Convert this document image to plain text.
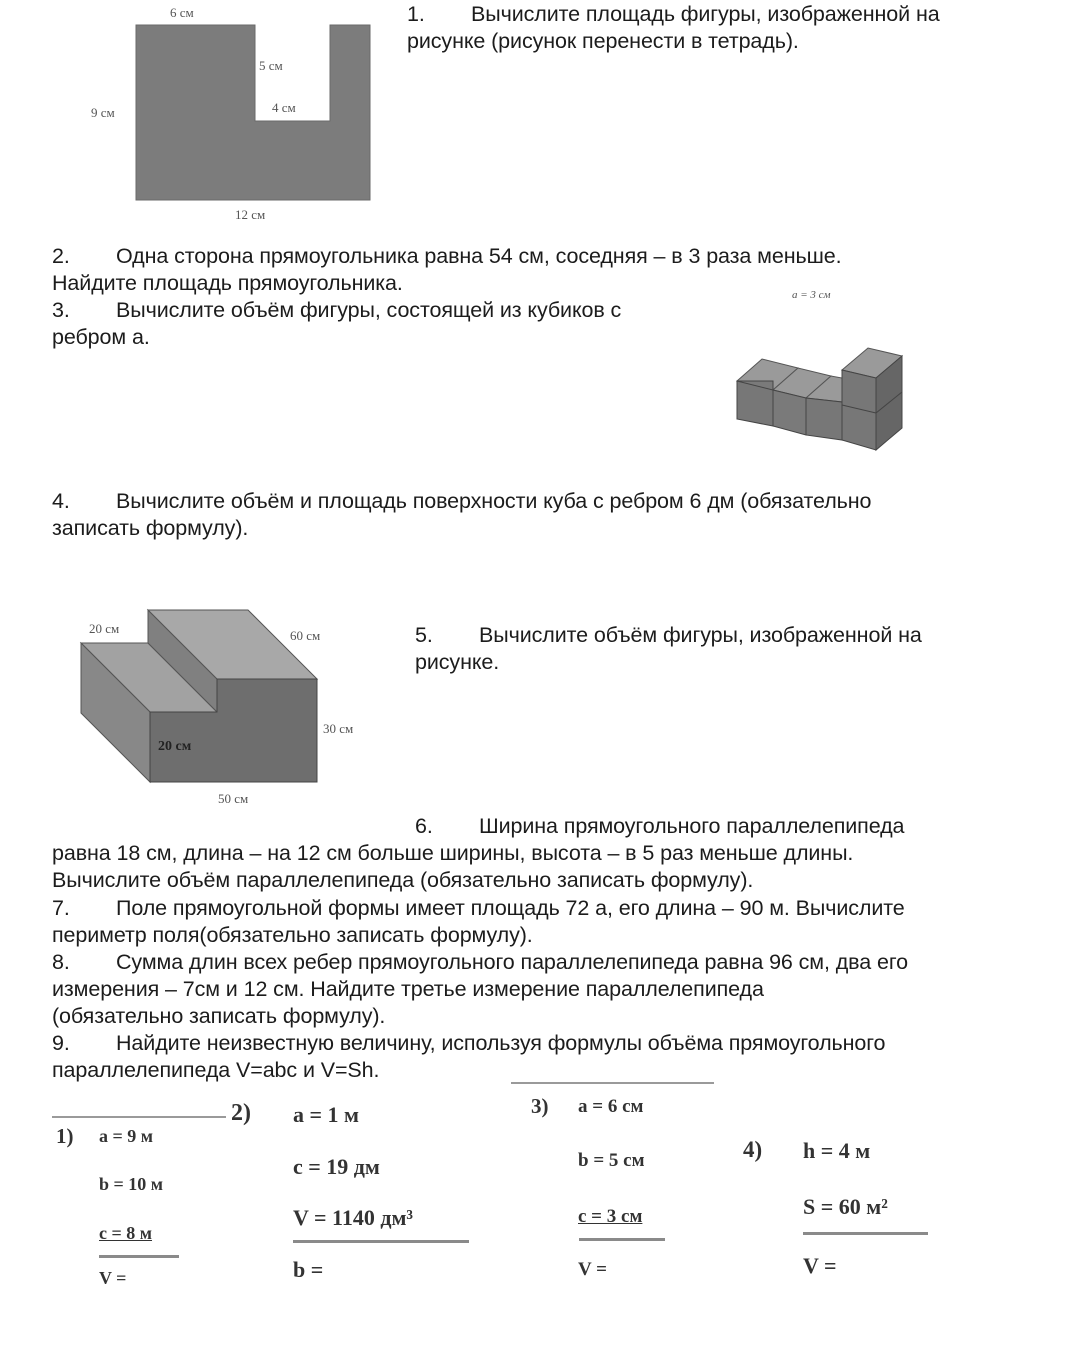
6 см
5 см
9 см	4 см
12 см
1. Вычислите площадь фигуры, изображенной на
рисунке (рисунок перенести в тетрадь).
2. Одна сторона прямоугольника равна 54 см, соседняя – в 3 раза меньше.
Найдите площадь прямоугольника.
3. Вычислите объём фигуры, состоящей из кубиков с
ребром а.
a = 3 см
4. Вычислите объём и площадь поверхности куба с ребром 6 дм (обязательно
записать формулу).
20 см	60 см
30 см
20 см
50 см
5. Вычислите объём фигуры, изображенной на
рисунке.
6. Ширина прямоугольного параллелепипеда
равна 18 см, длина – на 12 см больше ширины, высота – в 5 раз меньше длины.
Вычислите объём параллелепипеда (обязательно записать формулу).
7. Поле прямоугольной формы имеет площадь 72 а, его длина – 90 м. Вычислите
периметр поля(обязательно записать формулу).
8. Сумма длин всех ребер прямоугольного параллелепипеда равна 96 см, два его
измерения – 7см и 12 см. Найдите третье измерение параллелепипеда
(обязательно записать формулу).
9. Найдите неизвестную величину, используя формулы объёма прямоугольного
параллелепипеда V=abc и V=Sh.
1) a = 9 м
b = 10 м
c = 8 м
V =
2) a = 1 м
c = 19 дм
V = 1140 дм³
b =
3) a = 6 см
b = 5 см
c = 3 см
V =
4) h = 4 м
S = 60 м²
V =
